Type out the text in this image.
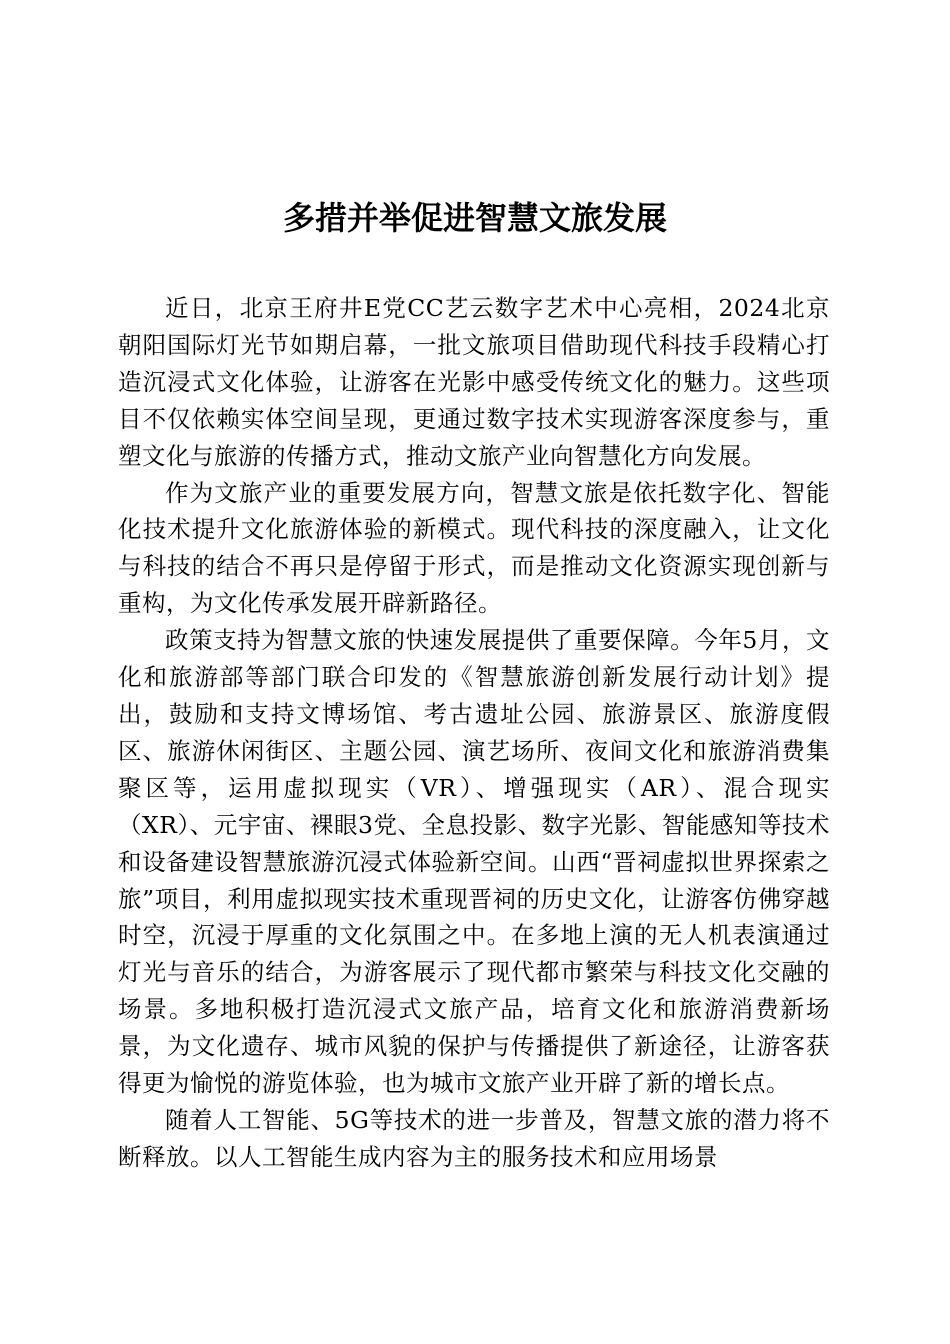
多措并举促进智慧文旅发展

近日，北京王府井E党CC艺云数字艺术中心亮相，2024北京朝阳国际灯光节如期启幕，一批文旅项目借助现代科技手段精心打造沉浸式文化体验，让游客在光影中感受传统文化的魅力。这些项目不仅依赖实体空间呈现，更通过数字技术实现游客深度参与，重塑文化与旅游的传播方式，推动文旅产业向智慧化方向发展。

作为文旅产业的重要发展方向，智慧文旅是依托数字化、智能化技术提升文化旅游体验的新模式。现代科技的深度融入，让文化与科技的结合不再只是停留于形式，而是推动文化资源实现创新与重构，为文化传承发展开辟新路径。

政策支持为智慧文旅的快速发展提供了重要保障。今年5月，文化和旅游部等部门联合印发的《智慧旅游创新发展行动计划》提出，鼓励和支持文博场馆、考古遗址公园、旅游景区、旅游度假区、旅游休闲街区、主题公园、演艺场所、夜间文化和旅游消费集聚区等，运用虚拟现实（VR）、增强现实（AR）、混合现实（XR）、元宇宙、裸眼3党、全息投影、数字光影、智能感知等技术和设备建设智慧旅游沉浸式体验新空间。山西“晋祠虚拟世界探索之旅”项目，利用虚拟现实技术重现晋祠的历史文化，让游客仿佛穿越时空，沉浸于厚重的文化氛围之中。在多地上演的无人机表演通过灯光与音乐的结合，为游客展示了现代都市繁荣与科技文化交融的场景。多地积极打造沉浸式文旅产品，培育文化和旅游消费新场景，为文化遗存、城市风貌的保护与传播提供了新途径，让游客获得更为愉悦的游览体验，也为城市文旅产业开辟了新的增长点。

随着人工智能、5G等技术的进一步普及，智慧文旅的潜力将不断释放。以人工智能生成内容为主的服务技术和应用场景
